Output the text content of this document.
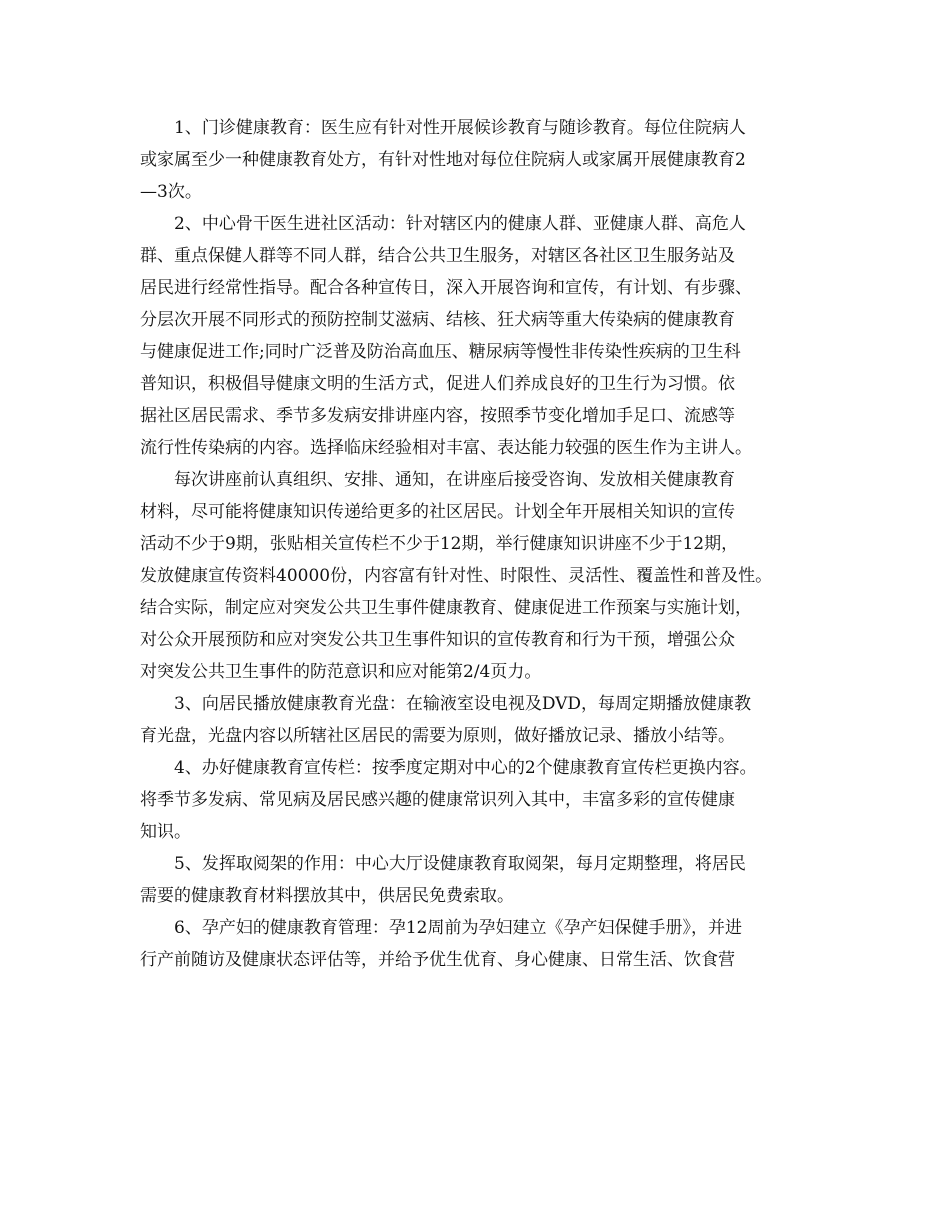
1、门诊健康教育：医生应有针对性开展候诊教育与随诊教育。每位住院病人
或家属至少一种健康教育处方，有针对性地对每位住院病人或家属开展健康教育2
—3次。
2、中心骨干医生进社区活动：针对辖区内的健康人群、亚健康人群、高危人
群、重点保健人群等不同人群，结合公共卫生服务，对辖区各社区卫生服务站及
居民进行经常性指导。配合各种宣传日，深入开展咨询和宣传，有计划、有步骤、
分层次开展不同形式的预防控制艾滋病、结核、狂犬病等重大传染病的健康教育
与健康促进工作;同时广泛普及防治高血压、糖尿病等慢性非传染性疾病的卫生科
普知识，积极倡导健康文明的生活方式，促进人们养成良好的卫生行为习惯。依
据社区居民需求、季节多发病安排讲座内容，按照季节变化增加手足口、流感等
流行性传染病的内容。选择临床经验相对丰富、表达能力较强的医生作为主讲人。
每次讲座前认真组织、安排、通知，在讲座后接受咨询、发放相关健康教育
材料，尽可能将健康知识传递给更多的社区居民。计划全年开展相关知识的宣传
活动不少于9期，张贴相关宣传栏不少于12期，举行健康知识讲座不少于12期，
发放健康宣传资料40000份，内容富有针对性、时限性、灵活性、覆盖性和普及性。
结合实际，制定应对突发公共卫生事件健康教育、健康促进工作预案与实施计划，
对公众开展预防和应对突发公共卫生事件知识的宣传教育和行为干预，增强公众
对突发公共卫生事件的防范意识和应对能第2/4页力。
3、向居民播放健康教育光盘：在输液室设电视及DVD，每周定期播放健康教
育光盘，光盘内容以所辖社区居民的需要为原则，做好播放记录、播放小结等。
4、办好健康教育宣传栏：按季度定期对中心的2个健康教育宣传栏更换内容。
将季节多发病、常见病及居民感兴趣的健康常识列入其中，丰富多彩的宣传健康
知识。
5、发挥取阅架的作用：中心大厅设健康教育取阅架，每月定期整理，将居民
需要的健康教育材料摆放其中，供居民免费索取。
6、孕产妇的健康教育管理：孕12周前为孕妇建立《孕产妇保健手册》，并进
行产前随访及健康状态评估等，并给予优生优育、身心健康、日常生活、饮食营
